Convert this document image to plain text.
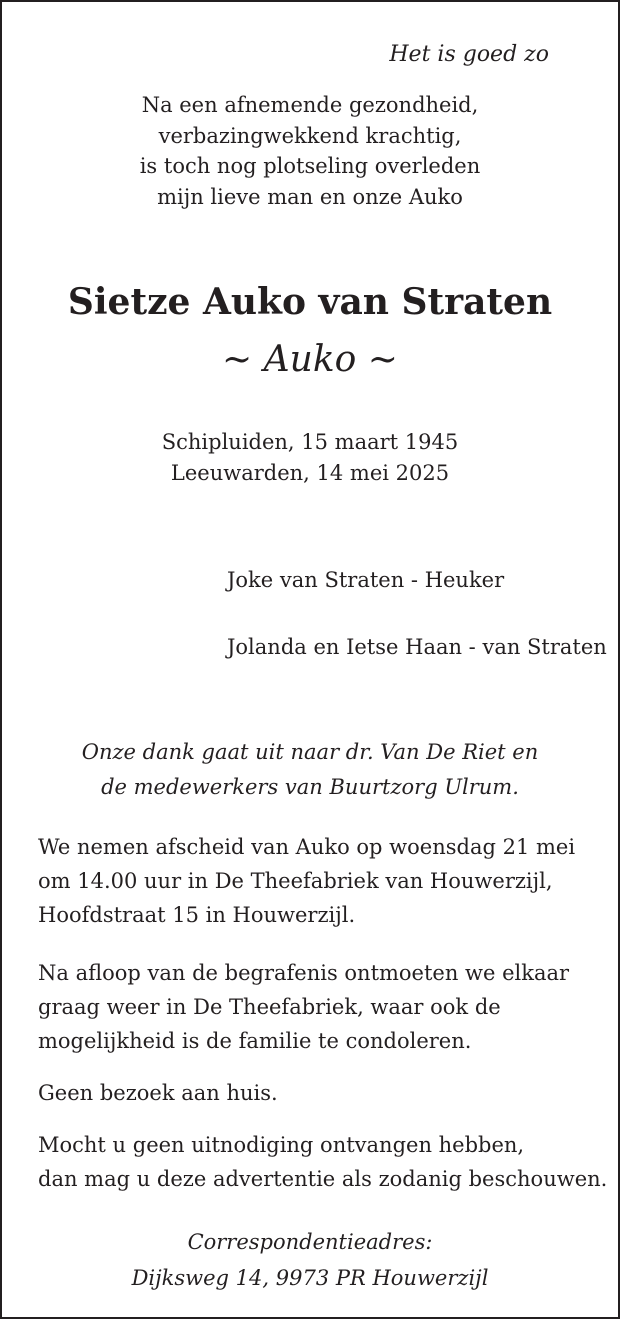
Het is goed zo

Na een afnemende gezondheid,
verbazingwekkend krachtig,
is toch nog plotseling overleden
mijn lieve man en onze Auko
Sietze Auko van Straten
~ Auko ~
Schipluiden, 15 maart 1945
Leeuwarden, 14 mei 2025
Joke van Straten - Heuker
Jolanda en Ietse Haan - van Straten
Onze dank gaat uit naar dr. Van De Riet en
de medewerkers van Buurtzorg Ulrum.
We nemen afscheid van Auko op woensdag 21 mei
om 14.00 uur in De Theefabriek van Houwerzijl,
Hoofdstraat 15 in Houwerzijl.
Na afloop van de begrafenis ontmoeten we elkaar
graag weer in De Theefabriek, waar ook de
mogelijkheid is de familie te condoleren.
Geen bezoek aan huis.
Mocht u geen uitnodiging ontvangen hebben,
dan mag u deze advertentie als zodanig beschouwen.
Correspondentieadres:
Dijksweg 14, 9973 PR Houwerzijl
